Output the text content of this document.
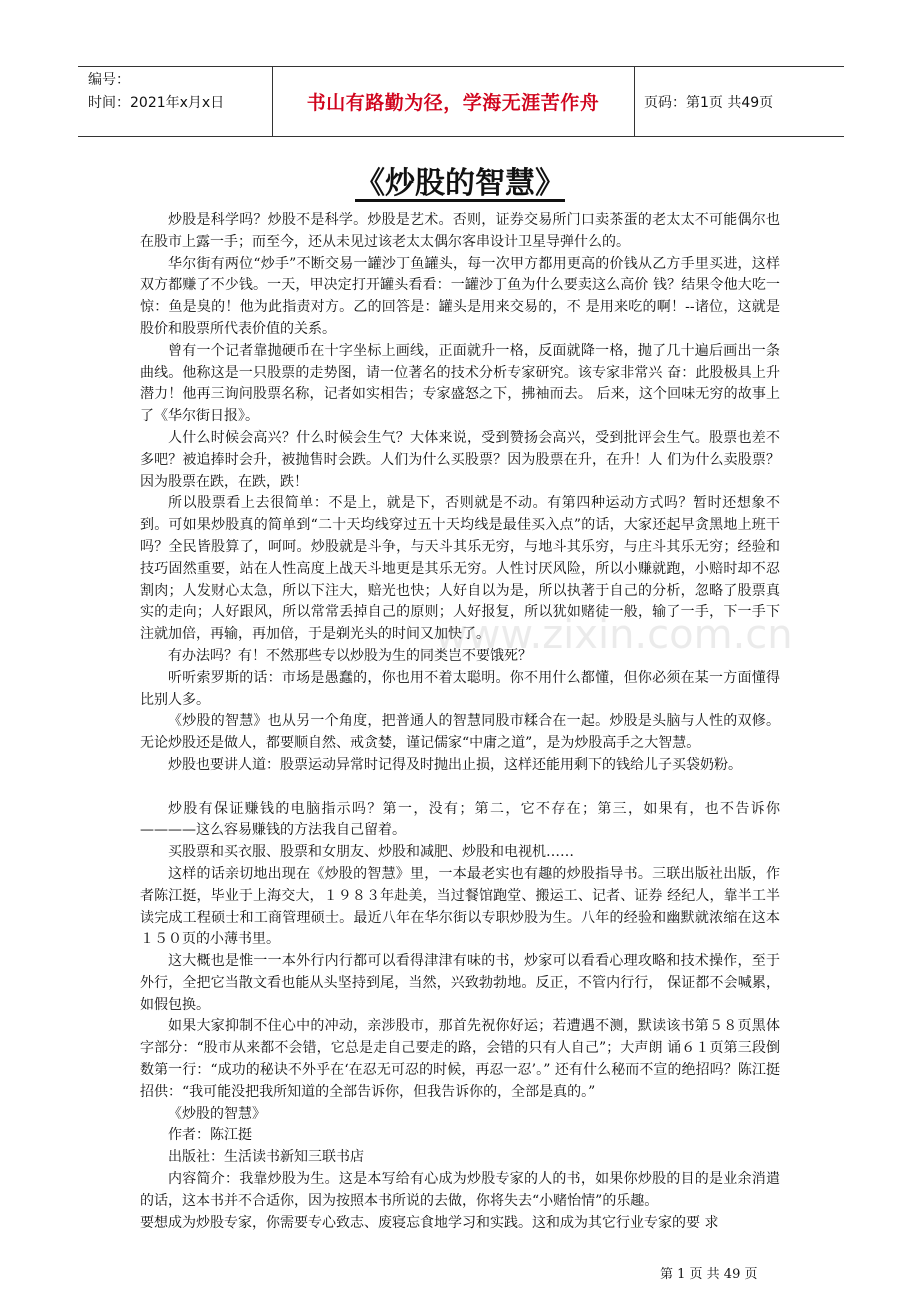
编号：
时间：2021年x月x日	书山有路勤为径，学海无涯苦作舟	页码：第1页 共49页
《炒股的智慧》
www.zixin.com.cn

炒股是科学吗？炒股不是科学。炒股是艺术。否则，证券交易所门口卖茶蛋的老太太不可能偶尔也在股市上露一手；而至今，还从未见过该老太太偶尔客串设计卫星导弹什么的。

华尔街有两位“炒手”不断交易一罐沙丁鱼罐头，每一次甲方都用更高的价钱从乙方手里买进，这样双方都赚了不少钱。一天，甲决定打开罐头看看：一罐沙丁鱼为什么要卖这么高价 钱？结果令他大吃一惊：鱼是臭的！他为此指责对方。乙的回答是：罐头是用来交易的，不 是用来吃的啊！--诸位，这就是股价和股票所代表价值的关系。

曾有一个记者靠抛硬币在十字坐标上画线，正面就升一格，反面就降一格，抛了几十遍后画出一条曲线。他称这是一只股票的走势图，请一位著名的技术分析专家研究。该专家非常兴 奋：此股极具上升潜力！他再三询问股票名称，记者如实相告；专家盛怒之下，拂袖而去。 后来，这个回味无穷的故事上了《华尔街日报》。

人什么时候会高兴？什么时候会生气？大体来说，受到赞扬会高兴，受到批评会生气。股票也差不多吧？被追捧时会升，被抛售时会跌。人们为什么买股票？因为股票在升，在升！人 们为什么卖股票？因为股票在跌，在跌，跌！

所以股票看上去很简单：不是上，就是下，否则就是不动。有第四种运动方式吗？暂时还想象不到。可如果炒股真的简单到“二十天均线穿过五十天均线是最佳买入点”的话，大家还起早贪黑地上班干吗？全民皆股算了，呵呵。炒股就是斗争，与天斗其乐无穷，与地斗其乐穷，与庄斗其乐无穷；经验和技巧固然重要，站在人性高度上战天斗地更是其乐无穷。人性讨厌风险，所以小赚就跑，小赔时却不忍割肉；人发财心太急，所以下注大，赔光也快；人好自以为是，所以执著于自己的分析，忽略了股票真实的走向；人好跟风，所以常常丢掉自己的原则；人好报复，所以犹如赌徒一般，输了一手，下一手下注就加倍，再输，再加倍，于是剃光头的时间又加快了。

有办法吗？有！不然那些专以炒股为生的同类岂不要饿死？

听听索罗斯的话：市场是愚蠢的，你也用不着太聪明。你不用什么都懂，但你必须在某一方面懂得比别人多。

《炒股的智慧》也从另一个角度，把普通人的智慧同股市糅合在一起。炒股是头脑与人性的双修。无论炒股还是做人，都要顺自然、戒贪婪，谨记儒家“中庸之道”，是为炒股高手之大智慧。

炒股也要讲人道：股票运动异常时记得及时抛出止损，这样还能用剩下的钱给儿子买袋奶粉。

炒股有保证赚钱的电脑指示吗？第一，没有；第二，它不存在；第三，如果有，也不告诉你————这么容易赚钱的方法我自己留着。

买股票和买衣服、股票和女朋友、炒股和减肥、炒股和电视机……

这样的话亲切地出现在《炒股的智慧》里，一本最老实也有趣的炒股指导书。三联出版社出版，作者陈江挺，毕业于上海交大，１９８３年赴美，当过餐馆跑堂、搬运工、记者、证券 经纪人，靠半工半读完成工程硕士和工商管理硕士。最近八年在华尔街以专职炒股为生。八年的经验和幽默就浓缩在这本１５０页的小薄书里。

这大概也是惟一一本外行内行都可以看得津津有味的书，炒家可以看看心理攻略和技术操作，至于外行，全把它当散文看也能从头坚持到尾，当然，兴致勃勃地。反正，不管内行行， 保证都不会喊累，如假包换。

如果大家抑制不住心中的冲动，亲涉股市，那首先祝你好运；若遭遇不测，默读该书第５８页黑体字部分：“股市从来都不会错，它总是走自己要走的路，会错的只有人自己”；大声朗 诵６１页第三段倒数第一行：“成功的秘诀不外乎在‘在忍无可忍的时候，再忍一忍’。” 还有什么秘而不宣的绝招吗？陈江挺招供：“我可能没把我所知道的全部告诉你，但我告诉你的，全部是真的。”

《炒股的智慧》

作者：陈江挺

出版社：生活读书新知三联书店

内容简介：我靠炒股为生。这是本写给有心成为炒股专家的人的书，如果你炒股的目的是业余消遣的话，这本书并不合适你，因为按照本书所说的去做，你将失去“小赌怡情”的乐趣。

要想成为炒股专家，你需要专心致志、废寝忘食地学习和实践。这和成为其它行业专家的要 求

第 1 页 共 49 页
